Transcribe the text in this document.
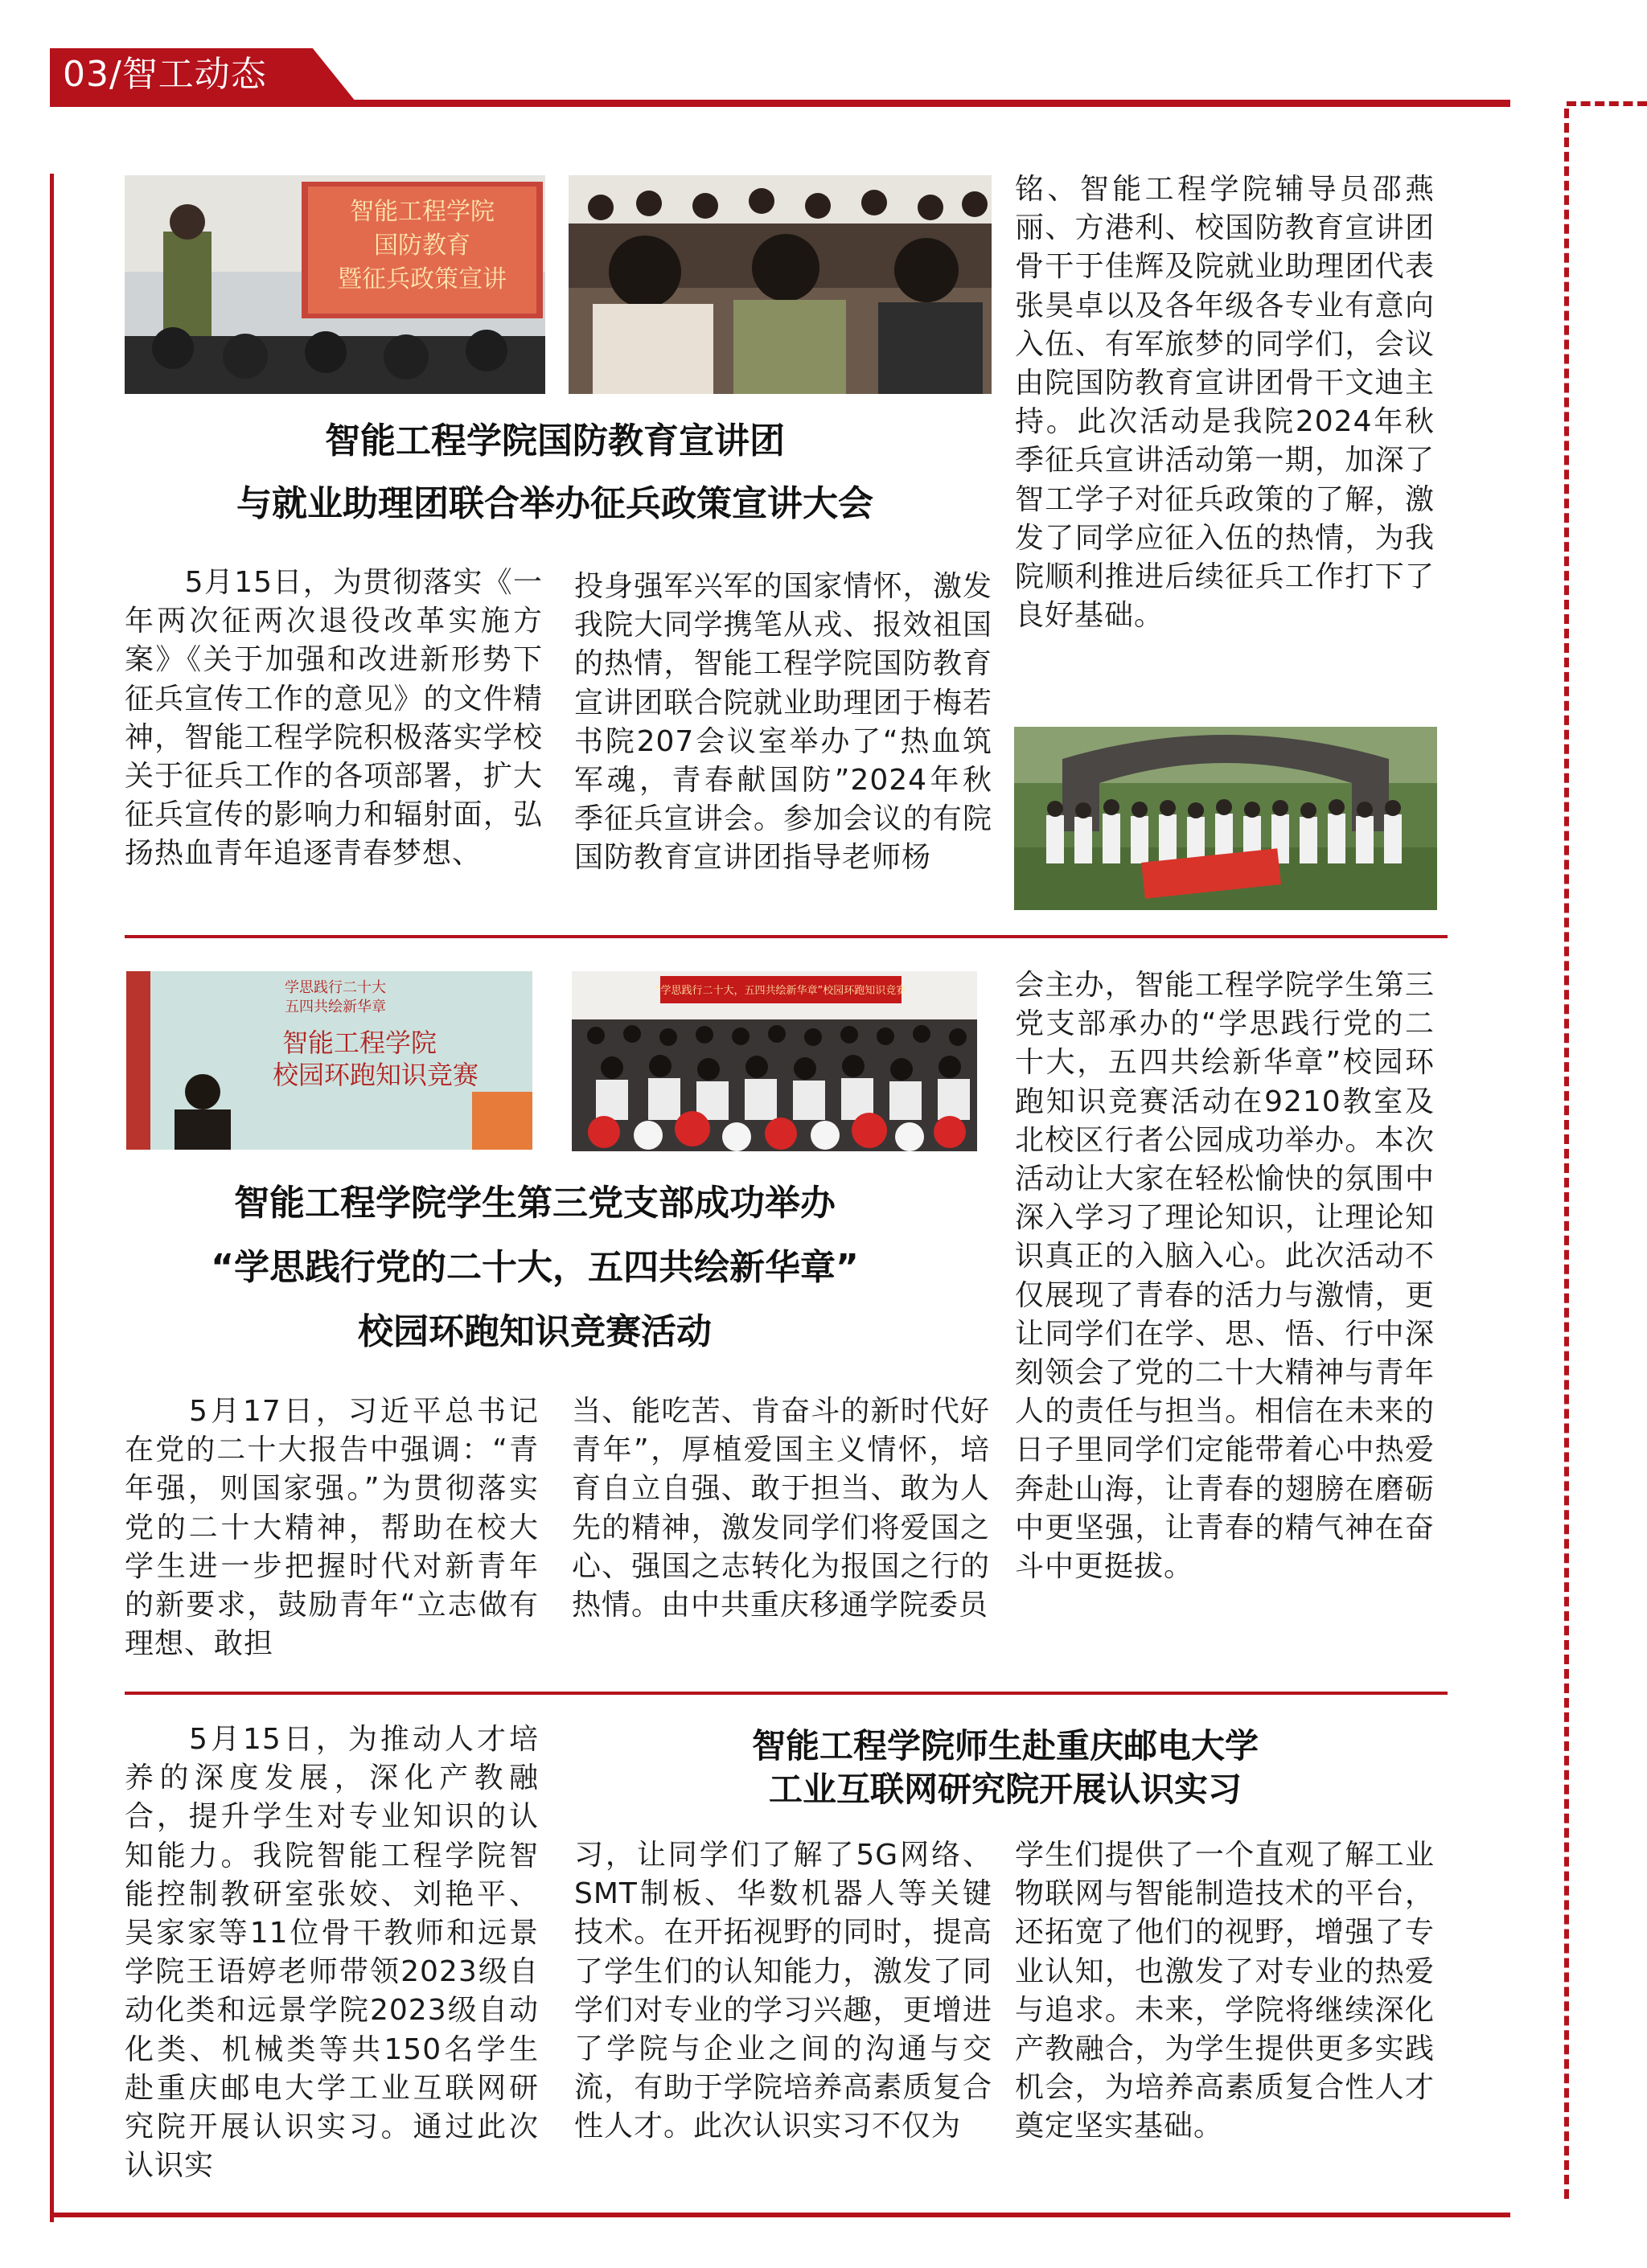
03/智工动态
智能工程学院
国防教育
暨征兵政策宣讲
智能工程学院国防教育宣讲团
与就业助理团联合举办征兵政策宣讲大会
　　5月15日，为贯彻落实《一年两次征两次退役改革实施方案》《关于加强和改进新形势下征兵宣传工作的意见》的文件精神，智能工程学院积极落实学校关于征兵工作的各项部署，扩大征兵宣传的影响力和辐射面，弘扬热血青年追逐青春梦想、
投身强军兴军的国家情怀，激发我院大同学携笔从戎、报效祖国的热情，智能工程学院国防教育宣讲团联合院就业助理团于梅若书院207会议室举办了“热血筑军魂，青春献国防”2024年秋季征兵宣讲会。参加会议的有院国防教育宣讲团指导老师杨
铭、智能工程学院辅导员邵燕丽、方港利、校国防教育宣讲团骨干于佳辉及院就业助理团代表张昊卓以及各年级各专业有意向入伍、有军旅梦的同学们，会议由院国防教育宣讲团骨干文迪主持。此次活动是我院2024年秋季征兵宣讲活动第一期，加深了智工学子对征兵政策的了解，激发了同学应征入伍的热情，为我院顺利推进后续征兵工作打下了良好基础。
学思践行二十大
五四共绘新华章
智能工程学院
校园环跑知识竞赛
“学思践行二十大，五四共绘新华章”校园环跑知识竞赛
智能工程学院学生第三党支部成功举办
“学思践行党的二十大，五四共绘新华章”
校园环跑知识竞赛活动
　　5月17日，习近平总书记在党的二十大报告中强调：“青年强，则国家强。”为贯彻落实党的二十大精神，帮助在校大学生进一步把握时代对新青年的新要求，鼓励青年“立志做有理想、敢担
当、能吃苦、肯奋斗的新时代好青年”，厚植爱国主义情怀，培育自立自强、敢于担当、敢为人先的精神，激发同学们将爱国之心、强国之志转化为报国之行的热情。由中共重庆移通学院委员
会主办，智能工程学院学生第三党支部承办的“学思践行党的二十大，五四共绘新华章”校园环跑知识竞赛活动在9210教室及北校区行者公园成功举办。本次活动让大家在轻松愉快的氛围中深入学习了理论知识，让理论知识真正的入脑入心。此次活动不仅展现了青春的活力与激情，更让同学们在学、思、悟、行中深刻领会了党的二十大精神与青年人的责任与担当。相信在未来的日子里同学们定能带着心中热爱奔赴山海，让青春的翅膀在磨砺中更坚强，让青春的精气神在奋斗中更挺拔。
智能工程学院师生赴重庆邮电大学
工业互联网研究院开展认识实习
　　5月15日，为推动人才培养的深度发展，深化产教融合，提升学生对专业知识的认知能力。我院智能工程学院智能控制教研室张姣、刘艳平、吴家家等11位骨干教师和远景学院王语婷老师带领2023级自动化类和远景学院2023级自动化类、机械类等共150名学生赴重庆邮电大学工业互联网研究院开展认识实习。通过此次认识实
习，让同学们了解了5G网络、SMT制板、华数机器人等关键技术。在开拓视野的同时，提高了学生们的认知能力，激发了同学们对专业的学习兴趣，更增进了学院与企业之间的沟通与交流，有助于学院培养高素质复合性人才。此次认识实习不仅为
学生们提供了一个直观了解工业物联网与智能制造技术的平台，还拓宽了他们的视野，增强了专业认知，也激发了对专业的热爱与追求。未来，学院将继续深化产教融合，为学生提供更多实践机会，为培养高素质复合性人才奠定坚实基础。
